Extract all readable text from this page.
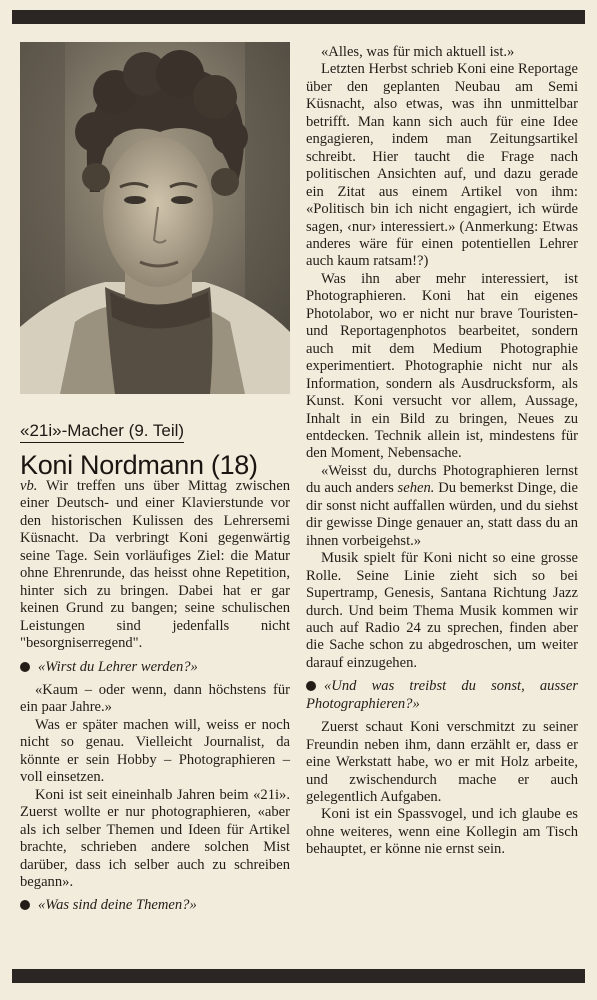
«21i»-Macher (9. Teil)
Koni Nordmann (18)

vb. Wir treffen uns über Mittag zwischen einer Deutsch- und einer Klavierstunde vor den historischen Kulissen des Lehrersemi Küsnacht. Da verbringt Koni gegenwärtig seine Tage. Sein vorläufiges Ziel: die Matur ohne Ehrenrunde, das heisst ohne Repetition, hinter sich zu bringen. Dabei hat er gar keinen Grund zu bangen; seine schulischen Leistungen sind jedenfalls nicht "besorgniserregend".

«Wirst du Lehrer werden?»

«Kaum – oder wenn, dann höchstens für ein paar Jahre.»

Was er später machen will, weiss er noch nicht so genau. Vielleicht Journalist, da könnte er sein Hobby – Photographieren – voll einsetzen.

Koni ist seit eineinhalb Jahren beim «21i». Zuerst wollte er nur photographieren, «aber als ich selber Themen und Ideen für Artikel brachte, schrieben andere solchen Mist darüber, dass ich selber auch zu schreiben begann».

«Was sind deine Themen?»

«Alles, was für mich aktuell ist.»

Letzten Herbst schrieb Koni eine Reportage über den geplanten Neubau am Semi Küsnacht, also etwas, was ihn unmittelbar betrifft. Man kann sich auch für eine Idee engagieren, indem man Zeitungsartikel schreibt. Hier taucht die Frage nach politischen Ansichten auf, und dazu gerade ein Zitat aus einem Artikel von ihm: «Politisch bin ich nicht engagiert, ich würde sagen, ‹nur› interessiert.» (Anmerkung: Etwas anderes wäre für einen potentiellen Lehrer auch kaum ratsam!?)

Was ihn aber mehr interessiert, ist Photographieren. Koni hat ein eigenes Photolabor, wo er nicht nur brave Touristen- und Reportagenphotos bearbeitet, sondern auch mit dem Medium Photographie experimentiert. Photographie nicht nur als Information, sondern als Ausdrucksform, als Kunst. Koni versucht vor allem, Aussage, Inhalt in ein Bild zu bringen, Neues zu entdecken. Technik allein ist, mindestens für den Moment, Nebensache.

«Weisst du, durchs Photographieren lernst du auch anders sehen. Du bemerkst Dinge, die dir sonst nicht auffallen würden, und du siehst dir gewisse Dinge genauer an, statt dass du an ihnen vorbeigehst.»

Musik spielt für Koni nicht so eine grosse Rolle. Seine Linie zieht sich so bei Supertramp, Genesis, Santana Richtung Jazz durch. Und beim Thema Musik kommen wir auch auf Radio 24 zu sprechen, finden aber die Sache schon zu abgedroschen, um weiter darauf einzugehen.

«Und was treibst du sonst, ausser Photographieren?»

Zuerst schaut Koni verschmitzt zu seiner Freundin neben ihm, dann erzählt er, dass er eine Werkstatt habe, wo er mit Holz arbeite, und zwischendurch mache er auch gelegentlich Aufgaben.

Koni ist ein Spassvogel, und ich glaube es ohne weiteres, wenn eine Kollegin am Tisch behauptet, er könne nie ernst sein.
